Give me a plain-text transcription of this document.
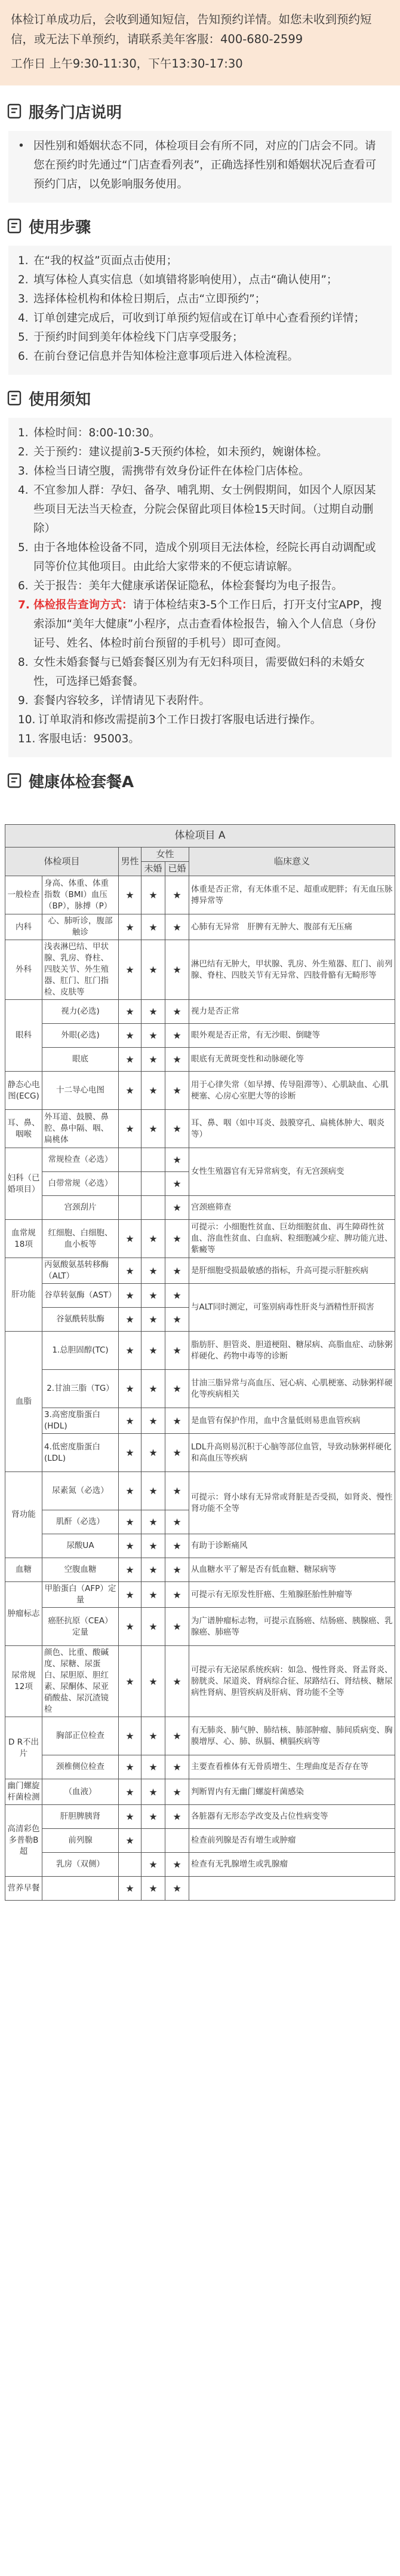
体检订单成功后，会收到通知短信，告知预约详情。如您未收到预约短信，或无法下单预约，请联系美年客服：400-680-2599

工作日 上午9:30-11:30，下午13:30-17:30

服务门店说明
• 因性别和婚姻状态不同，体检项目会有所不同，对应的门店会不同。请您在预约时先通过“门店查看列表”，正确选择性别和婚姻状况后查看可预约门店，以免影响服务使用。
使用步骤
1. 在“我的权益”页面点击使用；
2. 填写体检人真实信息（如填错将影响使用），点击“确认使用”；
3. 选择体检机构和体检日期后，点击“立即预约”；
4. 订单创建完成后，可收到订单预约短信或在订单中心查看预约详情；
5. 于预约时间到美年体检线下门店享受服务；
6. 在前台登记信息并告知体检注意事项后进入体检流程。
使用须知
1. 体检时间：8:00-10:30。
2. 关于预约：建议提前3-5天预约体检，如未预约，婉谢体检。
3. 体检当日请空腹，需携带有效身份证件在体检门店体检。
4. 不宜参加人群：孕妇、备孕、哺乳期、女士例假期间，如因个人原因某些项目无法当天检查，分院会保留此项目体检15天时间。（过期自动删除）
5. 由于各地体检设备不同，造成个别项目无法体检，经院长再自动调配或同等价位其他项目。由此给大家带来的不便忘请谅解。
6. 关于报告：美年大健康承诺保证隐私，体检套餐均为电子报告。
7. 体检报告查询方式：请于体检结束3-5个工作日后，打开支付宝APP，搜索添加“美年大健康”小程序，点击查看体检报告，输入个人信息（身份证号、姓名、体检时前台预留的手机号）即可查阅。
8. 女性未婚套餐与已婚套餐区别为有无妇科项目，需要做妇科的未婚女性，可选择已婚套餐。
9. 套餐内容较多，详情请见下表附件。
10. 订单取消和修改需提前3个工作日拨打客服电话进行操作。
11. 客服电话：95003。
健康体检套餐A
体检项目 A					
体检项目		男性	女性		临床意义
			未婚	已婚	
一般检查	身高、体重、体重指数（BMI）血压（BP），脉搏（P）	★	★	★	体重是否正常，有无体重不足、超重或肥胖；有无血压脉搏异常等
内科	心、肺听诊，腹部触诊	★	★	★	心肺有无异常　肝脾有无肿大、腹部有无压痛
外科	浅表淋巴结、甲状腺、乳房、脊柱、四肢关节、外生殖器、肛门、肛门指检、皮肤等	★	★	★	淋巴结有无肿大，甲状腺、乳房、外生殖器、肛门、前列腺、脊柱、四肢关节有无异常、四肢骨骼有无畸形等
眼科	视力(必选)	★	★	★	视力是否正常
	外眼(必选)	★	★	★	眼外观是否正常，有无沙眼、倒睫等
	眼底	★	★	★	眼底有无黄斑变性和动脉硬化等
静态心电图(ECG)	十二导心电图	★	★	★	用于心律失常（如早搏、传导阻滞等）、心肌缺血、心肌梗塞、心房心室肥大等的诊断
耳、鼻、咽喉	外耳道、鼓膜、鼻腔、鼻中隔、咽、扁桃体	★	★	★	耳、鼻、咽（如中耳炎、鼓膜穿孔、扁桃体肿大、咽炎等）
妇科（已婚项目）	常规检查（必选）			★	女性生殖器官有无异常病变，有无宫颈病变
	白带常规（必选）			★	
	宫颈刮片			★	宫颈癌筛查
血常规18项	红细胞、白细胞、血小板等	★	★	★	可提示：小细胞性贫血、巨幼细胞贫血、再生障碍性贫血、溶血性贫血、白血病、粒细胞减少症、脾功能亢进、紫癜等
肝功能	丙氨酸氨基转移酶（ALT）	★	★	★	是肝细胞受损最敏感的指标，升高可提示肝脏疾病
	谷草转氨酶（AST）	★	★	★	与ALT同时测定，可鉴别病毒性肝炎与酒精性肝损害
	谷氨酰转肽酶	★	★	★	
血脂	1.总胆固醇(TC)	★	★	★	脂肪肝、胆管炎、胆道梗阻、糖尿病、高脂血症、动脉粥样硬化、药物中毒等的诊断
	2.甘油三脂（TG）	★	★	★	甘油三脂异常与高血压、冠心病、心肌梗塞、动脉粥样硬化等疾病相关
	3.高密度脂蛋白(HDL)	★	★	★	是血管有保护作用，血中含量低则易患血管疾病
	4.低密度脂蛋白(LDL)	★	★	★	LDL升高则易沉积于心脑等部位血管，导致动脉粥样硬化和高血压等疾病
肾功能	尿素氮（必选）	★	★	★	可提示：肾小球有无异常或肾脏是否受损，如肾炎、慢性肾功能不全等
	肌酐（必选）	★	★	★	
	尿酸UA	★	★	★	有助于诊断痛风
血糖	空腹血糖	★	★	★	从血糖水平了解是否有低血糖、糖尿病等
肿瘤标志	甲胎蛋白（AFP）定量	★	★	★	可提示有无原发性肝癌、生殖腺胚胎性肿瘤等
	癌胚抗原（CEA）定量	★	★	★	为广谱肿瘤标志物，可提示直肠癌、结肠癌、胰腺癌、乳腺癌、肺癌等
尿常规12项	颜色、比重、酸碱度、尿糖、尿蛋白、尿胆原、胆红素、尿酮体、尿亚硝酸盐、尿沉渣镜检	★	★	★	可提示有无泌尿系统疾病：如急、慢性肾炎、肾盂肾炎、膀胱炎、尿道炎、肾病综合征、尿路结石、肾结核、糖尿病性肾病、胆管疾病及肝病、肾功能不全等
D R不出片	胸部正位检查	★	★	★	有无肺炎、肺气肿、肺结核、肺部肿瘤、肺间质病变、胸膜增厚、心、肺、纵膈、横膈疾病等
	颈椎侧位检查	★	★	★	主要查看椎体有无骨质增生、生理曲度是否存在等
幽门螺旋杆菌检测	（血液）	★	★	★	判断胃内有无幽门螺旋杆菌感染
高清彩色多普勒B超	肝胆脾胰肾	★	★	★	各脏器有无形态学改变及占位性病变等
	前列腺	★			检查前列腺是否有增生或肿瘤
	乳房（双侧）		★	★	检查有无乳腺增生或乳腺瘤
营养早餐		★	★	★	
